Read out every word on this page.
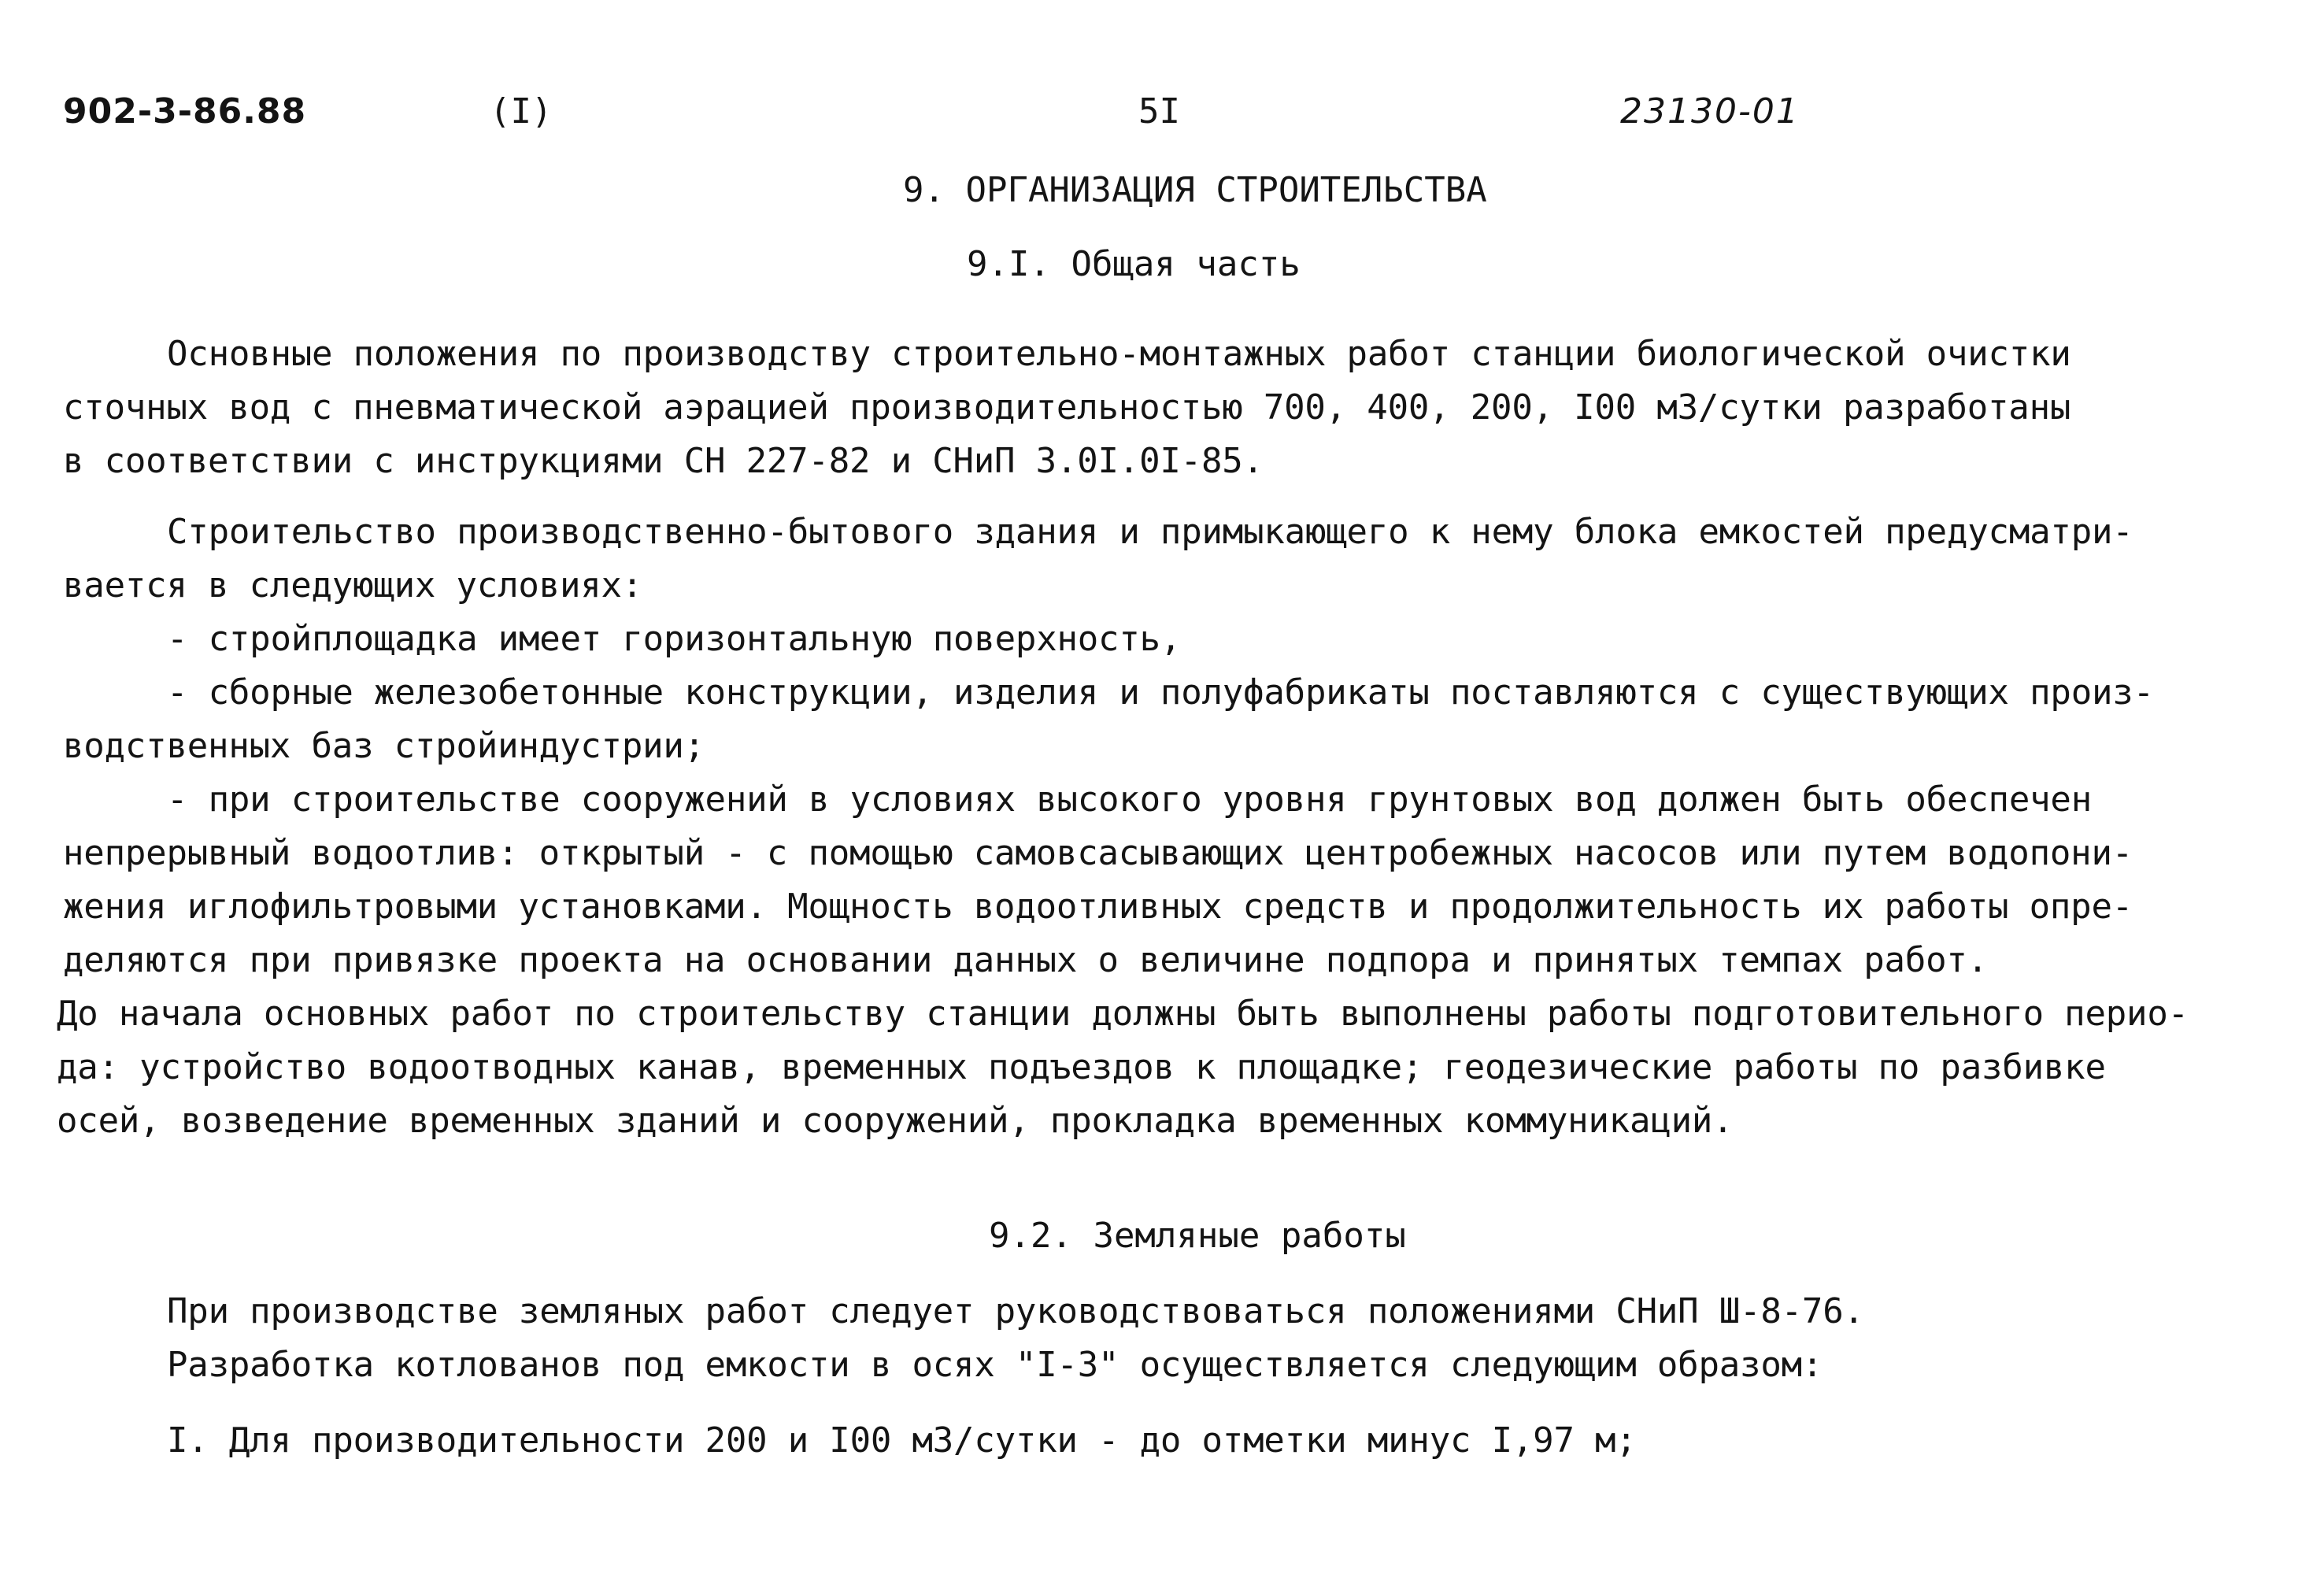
902-3-86.88	(I)	5I	23130-01
9. ОРГАНИЗАЦИЯ СТРОИТЕЛЬСТВА
9.I. Общая часть
Основные положения по производству строительно-монтажных работ станции биологической очистки
сточных вод с пневматической аэрацией производительностью 700, 400, 200, I00 м3/сутки разработаны
в соответствии с инструкциями СН 227-82 и СНиП 3.0I.0I-85.
Строительство производственно-бытового здания и примыкающего к нему блока емкостей предусматри-
вается в следующих условиях:
- стройплощадка имеет горизонтальную поверхность,
- сборные железобетонные конструкции, изделия и полуфабрикаты поставляются с существующих произ-
водственных баз стройиндустрии;
- при строительстве сооружений в условиях высокого уровня грунтовых вод должен быть обеспечен
непрерывный водоотлив: открытый - с помощью самовсасывающих центробежных насосов или путем водопони-
жения иглофильтровыми установками. Мощность водоотливных средств и продолжительность их работы опре-
деляются при привязке проекта на основании данных о величине подпора и принятых темпах работ.
До начала основных работ по строительству станции должны быть выполнены работы подготовительного перио-
да: устройство водоотводных канав, временных подъездов к площадке; геодезические работы по разбивке
осей, возведение временных зданий и сооружений, прокладка временных коммуникаций.
9.2. Земляные работы
При производстве земляных работ следует руководствоваться положениями СНиП Ш-8-76.
Разработка котлованов под емкости в осях "I-3" осуществляется следующим образом:
I. Для производительности 200 и I00 м3/сутки - до отметки минус I,97 м;
